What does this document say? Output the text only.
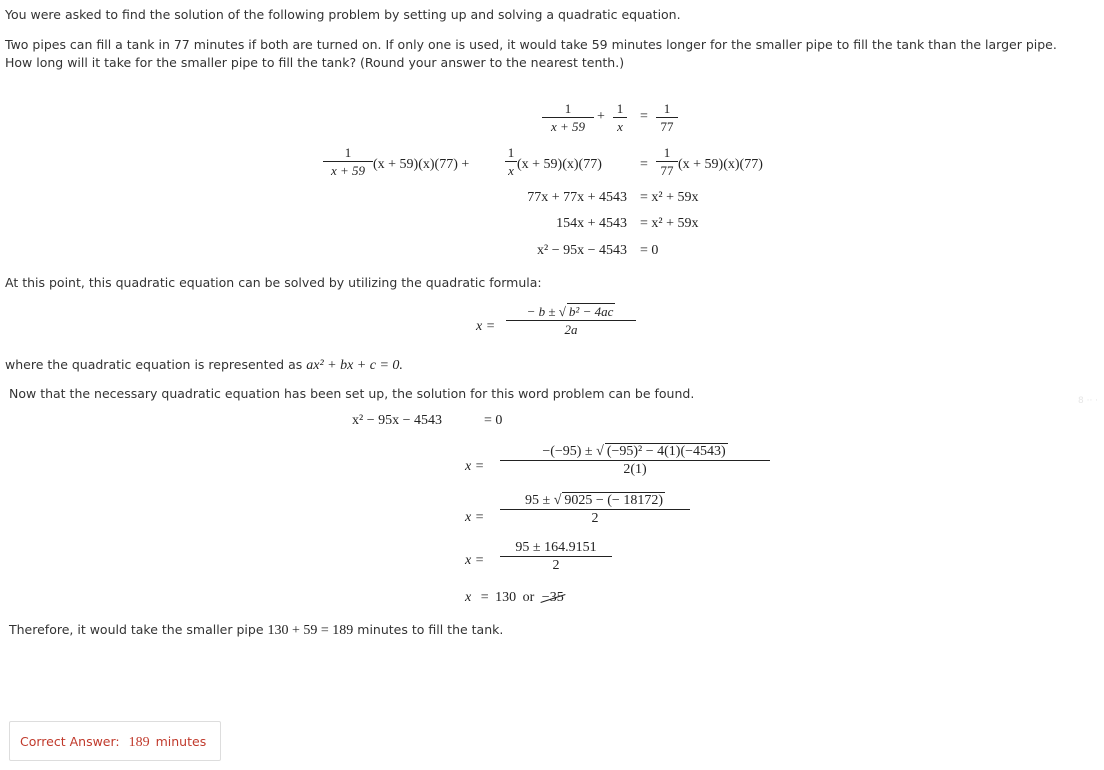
You were asked to find the solution of the following problem by setting up and solving a quadratic equation.
Two pipes can fill a tank in 77 minutes if both are turned on. If only one is used, it would take 59 minutes longer for the smaller pipe to fill the tank than the larger pipe.
How long will it take for the smaller pipe to fill the tank? (Round your answer to the nearest tenth.)
1
x + 59
+
1
x
=
1
77
1
x + 59 (x + 59)(x)(77) +
1
x (x + 59)(x)(77)	=
1
77 (x + 59)(x)(77)
77x + 77x + 4543 = x² + 59x
154x + 4543 = x² + 59x
x² − 95x − 4543 = 0
At this point, this quadratic equation can be solved by utilizing the quadratic formula:
x =
− b ± √ b² − 4ac
2a
where the quadratic equation is represented as ax² + bx + c = 0.
Now that the necessary quadratic equation has been set up, the solution for this word problem can be found.
x² − 95x − 4543	= 0
x =
−(−95) ± √ (−95)² − 4(1)(−4543)
2(1)
x =
95 ± √ 9025 − (− 18172)
2
x =
95 ± 164.9151
2
x = 130 or −35
Therefore, it would take the smaller pipe 130 + 59 = 189 minutes to fill the tank.
Correct Answer: 189 minutes
8 ·· ·
